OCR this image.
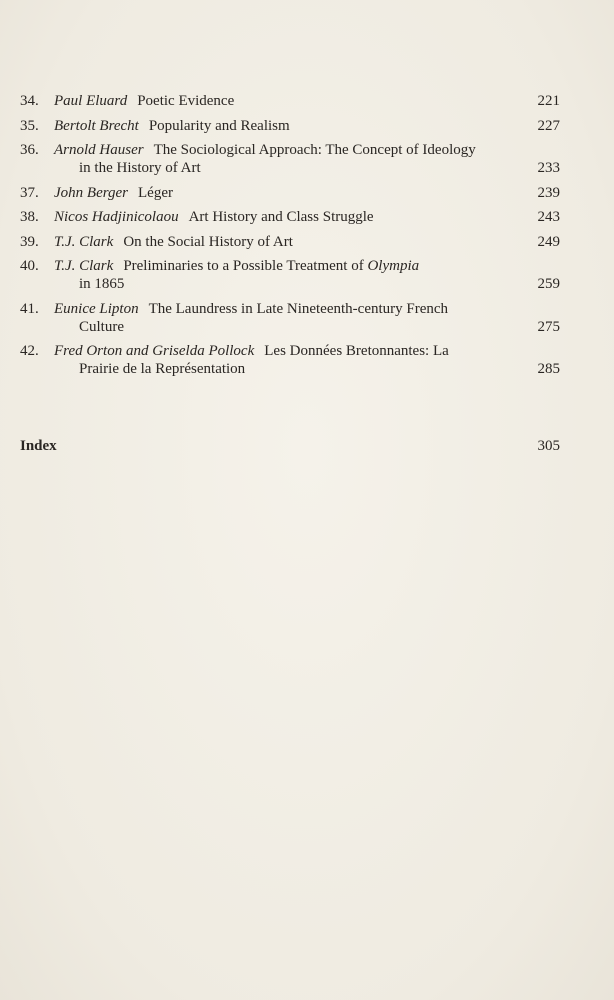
34.	Paul Eluard Poetic Evidence	221
35.	Bertolt Brecht Popularity and Realism	227
36.	Arnold Hauser The Sociological Approach: The Concept of Ideology
in the History of Art	233
37.	John Berger Léger	239
38.	Nicos Hadjinicolaou Art History and Class Struggle	243
39.	T.J. Clark On the Social History of Art	249
40.	T.J. Clark Preliminaries to a Possible Treatment of Olympia
in 1865	259
41.	Eunice Lipton The Laundress in Late Nineteenth-century French
Culture	275
42.	Fred Orton and Griselda Pollock Les Données Bretonnantes: La
Prairie de la Représentation	285
Index	305
